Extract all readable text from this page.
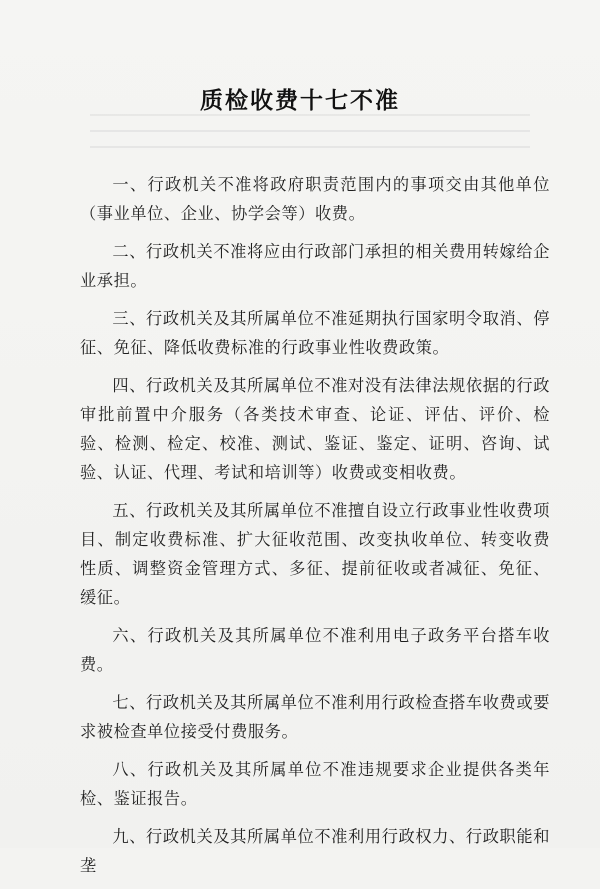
质检收费十七不准

一、行政机关不准将政府职责范围内的事项交由其他单位（事业单位、企业、协学会等）收费。

二、行政机关不准将应由行政部门承担的相关费用转嫁给企业承担。

三、行政机关及其所属单位不准延期执行国家明令取消、停征、免征、降低收费标准的行政事业性收费政策。

四、行政机关及其所属单位不准对没有法律法规依据的行政审批前置中介服务（各类技术审查、论证、评估、评价、检验、检测、检定、校准、测试、鉴证、鉴定、证明、咨询、试验、认证、代理、考试和培训等）收费或变相收费。

五、行政机关及其所属单位不准擅自设立行政事业性收费项目、制定收费标准、扩大征收范围、改变执收单位、转变收费性质、调整资金管理方式、多征、提前征收或者减征、免征、缓征。

六、行政机关及其所属单位不准利用电子政务平台搭车收费。

七、行政机关及其所属单位不准利用行政检查搭车收费或要求被检查单位接受付费服务。

八、行政机关及其所属单位不准违规要求企业提供各类年检、鉴证报告。

九、行政机关及其所属单位不准利用行政权力、行政职能和垄
